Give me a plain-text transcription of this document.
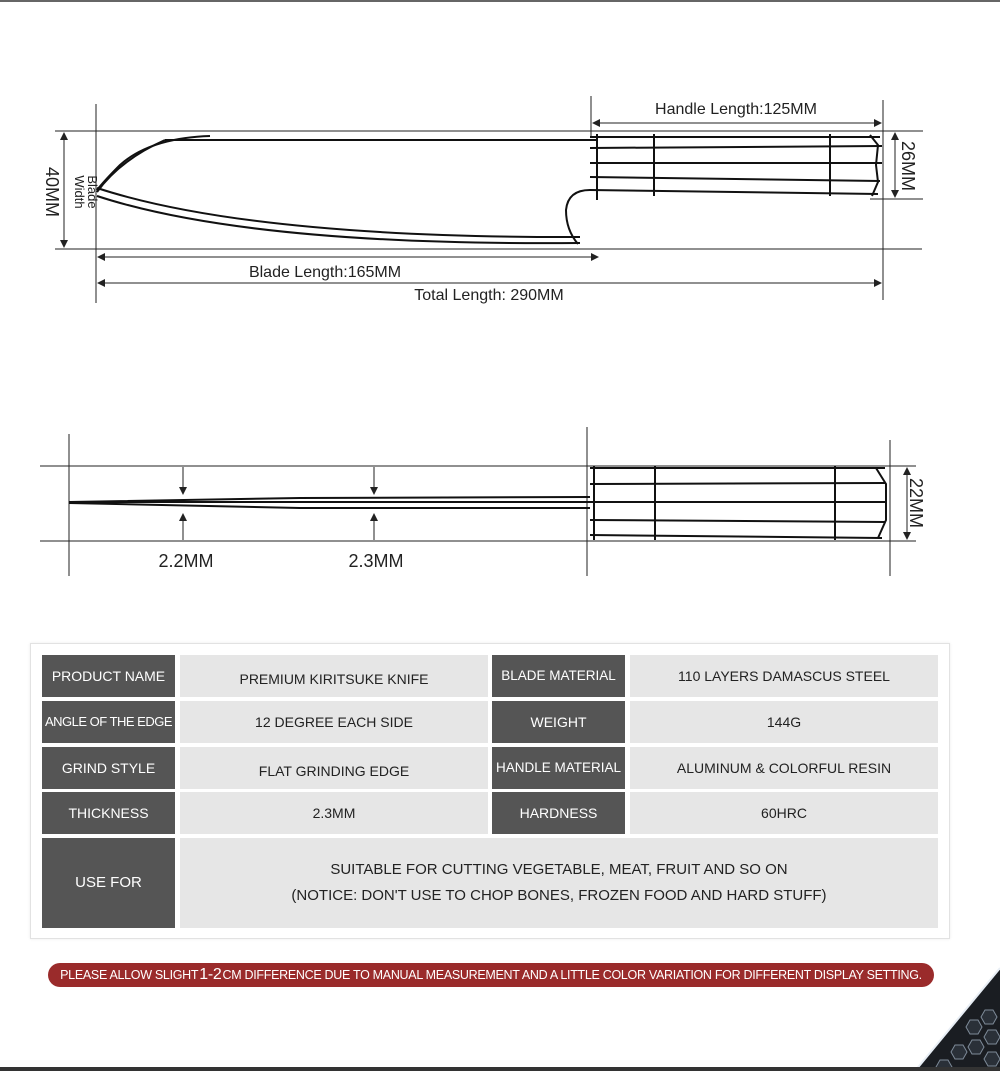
Handle Length:125MM
26MM
40MM Blade
Width
Blade Length:165MM
Total Length: 290MM
2.2MM	2.3MM
22MM
PRODUCT NAME	PREMIUM KIRITSUKE KNIFE	BLADE MATERIAL	110 LAYERS DAMASCUS STEEL
ANGLE OF THE EDGE	12 DEGREE EACH SIDE	WEIGHT	144G
GRIND STYLE	FLAT GRINDING EDGE	HANDLE MATERIAL	ALUMINUM & COLORFUL RESIN
THICKNESS	2.3MM	HARDNESS	60HRC
USE FOR
SUITABLE FOR CUTTING VEGETABLE, MEAT, FRUIT AND SO ON
(NOTICE: DON'T USE TO CHOP BONES, FROZEN FOOD AND HARD STUFF)
PLEASE ALLOW SLIGHT 1-2 CM DIFFERENCE DUE TO MANUAL MEASUREMENT AND A LITTLE COLOR VARIATION FOR DIFFERENT DISPLAY SETTING.
